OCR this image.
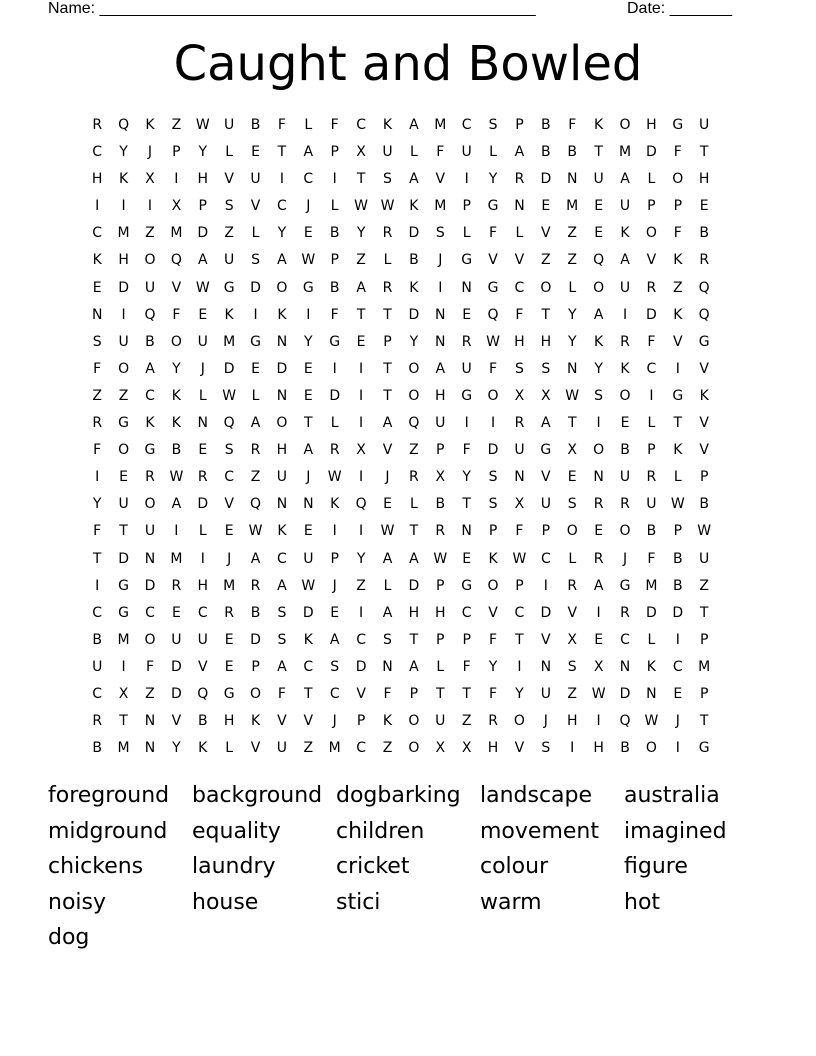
Name: _________________________________________________	Date: _______
Caught and Bowled
R Q K Z W U B F L F C K A M C S P B F K O H G U
C Y J P Y L E T A P X U L F U L A B B T M D F T
H K X I H V U I C I T S A V I Y R D N U A L O H
I I I X P S V C J L W W K M P G N E M E U P P E
C M Z M D Z L Y E B Y R D S L F L V Z E K O F B
K H O Q A U S A W P Z L B J G V V Z Z Q A V K R
E D U V W G D O G B A R K I N G C O L O U R Z Q
N I Q F E K I K I F T T D N E Q F T Y A I D K Q
S U B O U M G N Y G E P Y N R W H H Y K R F V G
F O A Y J D E D E I I T O A U F S S N Y K C I V
Z Z C K L W L N E D I T O H G O X X W S O I G K
R G K K N Q A O T L I A Q U I I R A T I E L T V
F O G B E S R H A R X V Z P F D U G X O B P K V
I E R W R C Z U J W I J R X Y S N V E N U R L P
Y U O A D V Q N N K Q E L B T S X U S R R U W B
F T U I L E W K E I I W T R N P F P O E O B P W
T D N M I J A C U P Y A A W E K W C L R J F B U
I G D R H M R A W J Z L D P G O P I R A G M B Z
C G C E C R B S D E I A H H C V C D V I R D D T
B M O U U E D S K A C S T P P F T V X E C L I P
U I F D V E P A C S D N A L F Y I N S X N K C M
C X Z D Q G O F T C V F P T T F Y U Z W D N E P
R T N V B H K V V J P K O U Z R O J H I Q W J T
B M N Y K L V U Z M C Z O X X H V S I H B O I G
foreground background dogbarking landscape australia
midground equality	children	movement imagined
chickens laundry	cricket	colour	figure
noisy	house	stici	warm	hot
dog
